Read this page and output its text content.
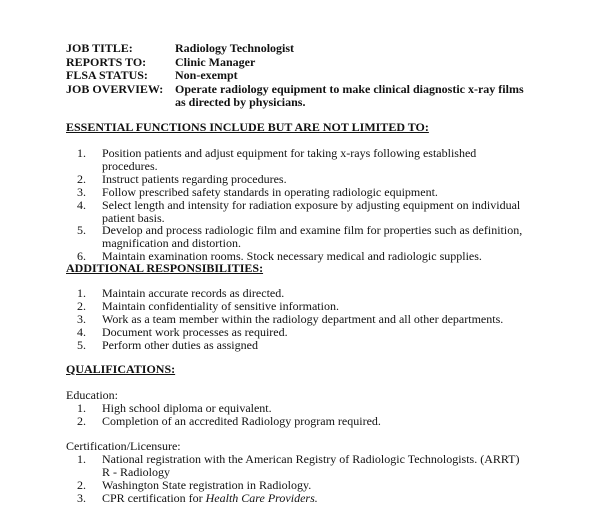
JOB TITLE:	Radiology Technologist
REPORTS TO:	Clinic Manager
FLSA STATUS:	Non-exempt
JOB OVERVIEW:	Operate radiology equipment to make clinical diagnostic x-ray films as directed by physicians.
ESSENTIAL FUNCTIONS INCLUDE BUT ARE NOT LIMITED TO:
1. Position patients and adjust equipment for taking x-rays following established procedures.
2. Instruct patients regarding procedures.
3. Follow prescribed safety standards in operating radiologic equipment.
4. Select length and intensity for radiation exposure by adjusting equipment on individual patient basis.
5. Develop and process radiologic film and examine film for properties such as definition, magnification and distortion.
6. Maintain examination rooms. Stock necessary medical and radiologic supplies.
ADDITIONAL RESPONSIBILITIES:
1. Maintain accurate records as directed.
2. Maintain confidentiality of sensitive information.
3. Work as a team member within the radiology department and all other departments.
4. Document work processes as required.
5. Perform other duties as assigned
QUALIFICATIONS:
Education:
1. High school diploma or equivalent.
2. Completion of an accredited Radiology program required.
Certification/Licensure:
1. National registration with the American Registry of Radiologic Technologists. (ARRT) R - Radiology
2. Washington State registration in Radiology.
3. CPR certification for Health Care Providers.
